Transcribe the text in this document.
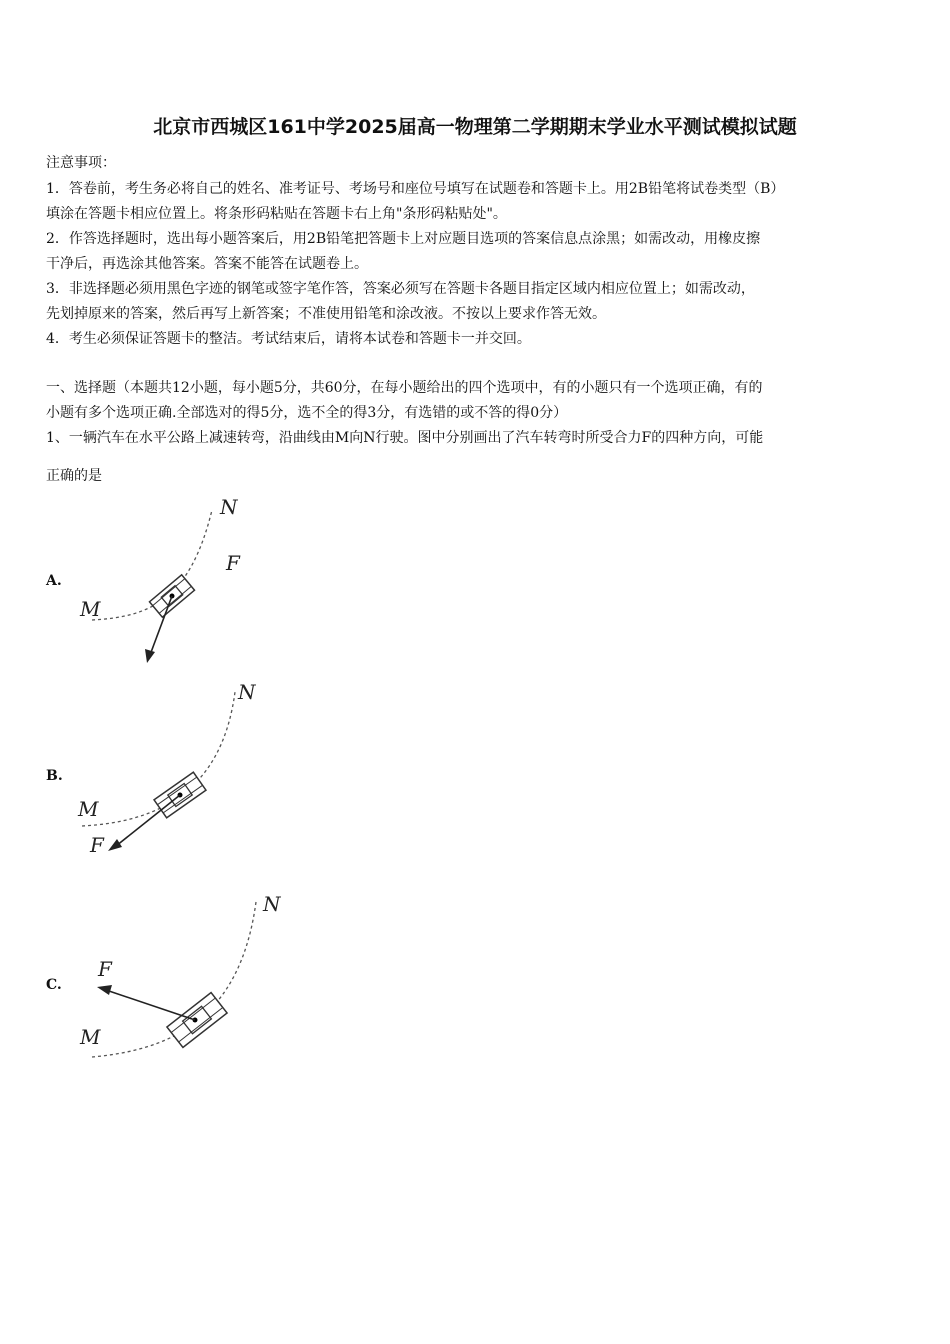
北京市西城区161中学2025届高一物理第二学期期末学业水平测试模拟试题
注意事项：
1．答卷前，考生务必将自己的姓名、准考证号、考场号和座位号填写在试题卷和答题卡上。用2B铅笔将试卷类型（B）
填涂在答题卡相应位置上。将条形码粘贴在答题卡右上角"条形码粘贴处"。
2．作答选择题时，选出每小题答案后，用2B铅笔把答题卡上对应题目选项的答案信息点涂黑；如需改动，用橡皮擦
干净后，再选涂其他答案。答案不能答在试题卷上。
3．非选择题必须用黑色字迹的钢笔或签字笔作答，答案必须写在答题卡各题目指定区域内相应位置上；如需改动，
先划掉原来的答案，然后再写上新答案；不准使用铅笔和涂改液。不按以上要求作答无效。
4．考生必须保证答题卡的整洁。考试结束后，请将本试卷和答题卡一并交回。
一、选择题（本题共12小题，每小题5分，共60分，在每小题给出的四个选项中，有的小题只有一个选项正确，有的
小题有多个选项正确.全部选对的得5分，选不全的得3分，有选错的或不答的得0分）
1、一辆汽车在水平公路上减速转弯，沿曲线由M向N行驶。图中分别画出了汽车转弯时所受合力F的四种方向，可能
正确的是
A.
M
N
F
B.
M
N
F
C.
M
N
F
